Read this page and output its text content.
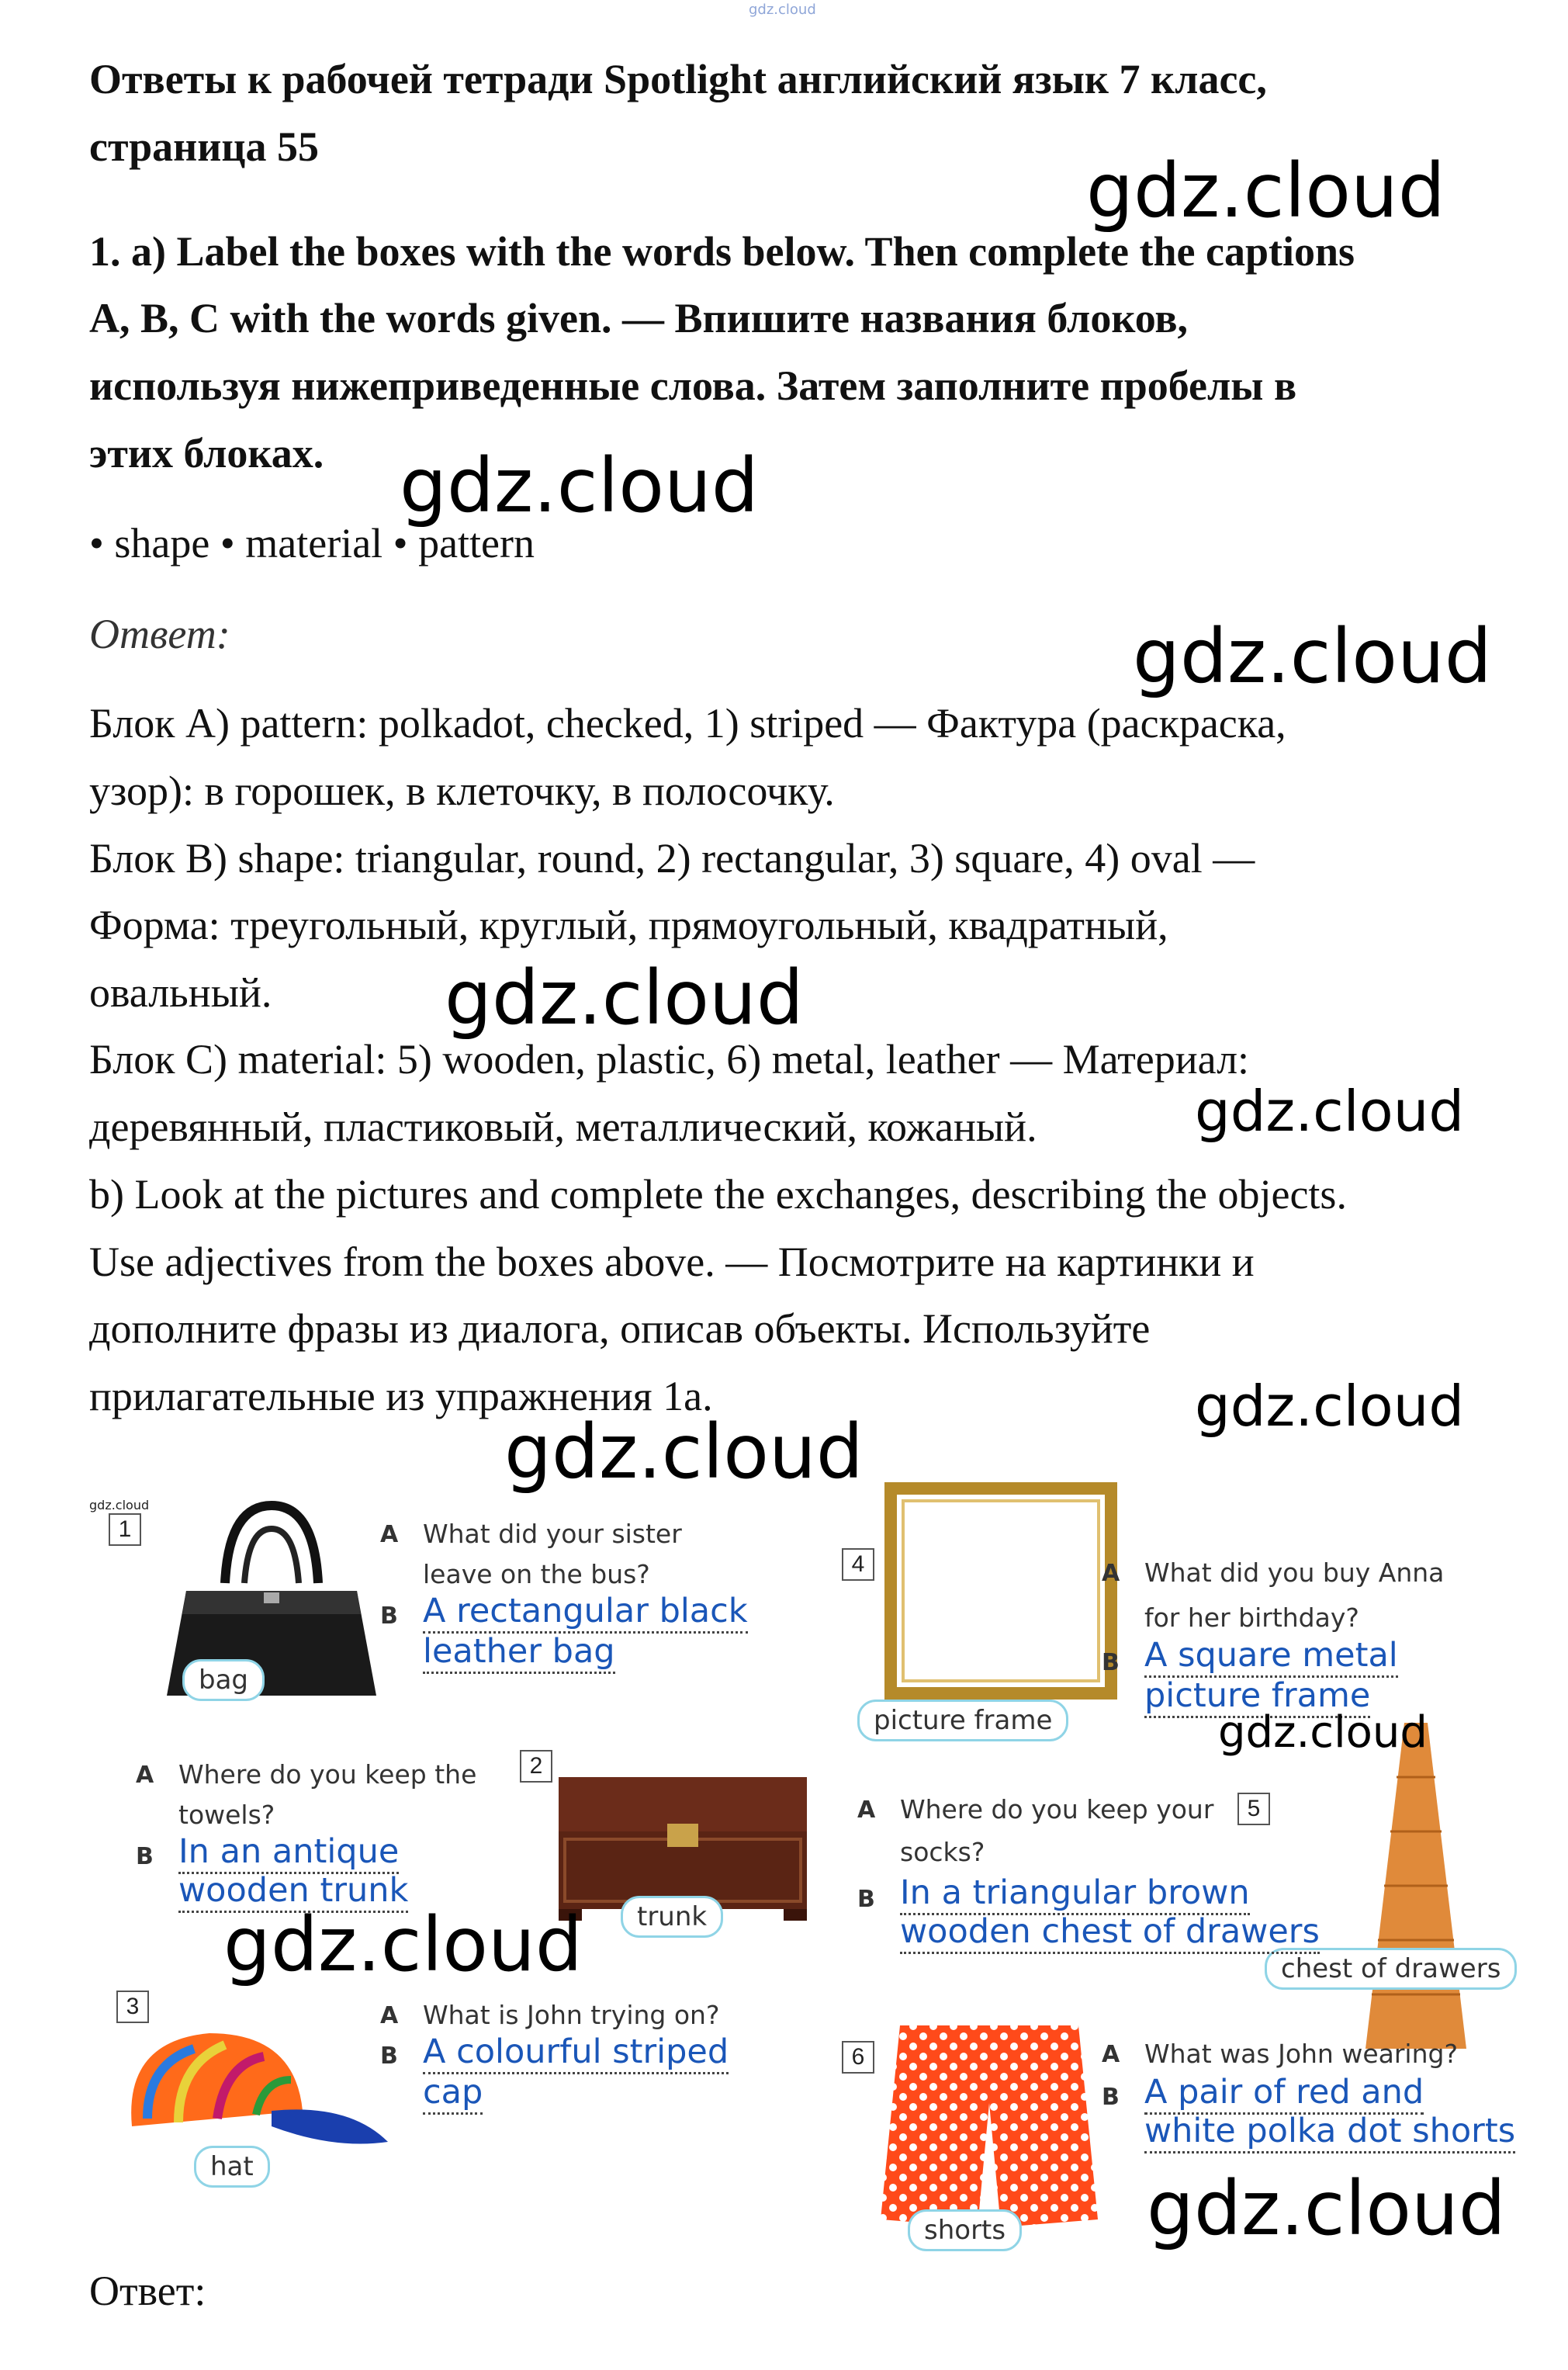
gdz.cloud
Ответы к рабочей тетради Spotlight английский язык 7 класс,
страница 55
1. a) Label the boxes with the words below. Then complete the captions
A, B, C with the words given. — Впишите названия блоков,
используя нижеприведенные слова. Затем заполните пробелы в
этих блоках.
• shape • material • pattern
Ответ:
Блок A) pattern: polkadot, checked, 1) striped — Фактура (раскраска,
узор): в горошек, в клеточку, в полосочку.
Блок B) shape: triangular, round, 2) rectangular, 3) square, 4) oval —
Форма: треугольный, круглый, прямоугольный, квадратный,
овальный.
Блок C) material: 5) wooden, plastic, 6) metal, leather — Материал:
деревянный, пластиковый, металлический, кожаный.
b) Look at the pictures and complete the exchanges, describing the objects.
Use adjectives from the boxes above. — Посмотрите на картинки и
дополните фразы из диалога, описав объекты. Используйте
прилагательные из упражнения 1a.
gdz.cloud
gdz.cloud
gdz.cloud
gdz.cloud
gdz.cloud
gdz.cloud
gdz.cloud
gdz.cloud
1
bag
A What did your sister
leave on the bus?
B A rectangular black
leather bag
A Where do you keep the
towels?
B In an antique
wooden trunk
2
trunk
3
hat
A What is John trying on?
B A colourful striped
cap
4
picture frame
A What did you buy Anna
for her birthday?
B A square metal
picture frame
5
chest of drawers
A Where do you keep your
socks?
B In a triangular brown
wooden chest of drawers
6
shorts
A What was John wearing?
B A pair of red and
white polka dot shorts
gdz.cloud
gdz.cloud
gdz.cloud
Ответ:
